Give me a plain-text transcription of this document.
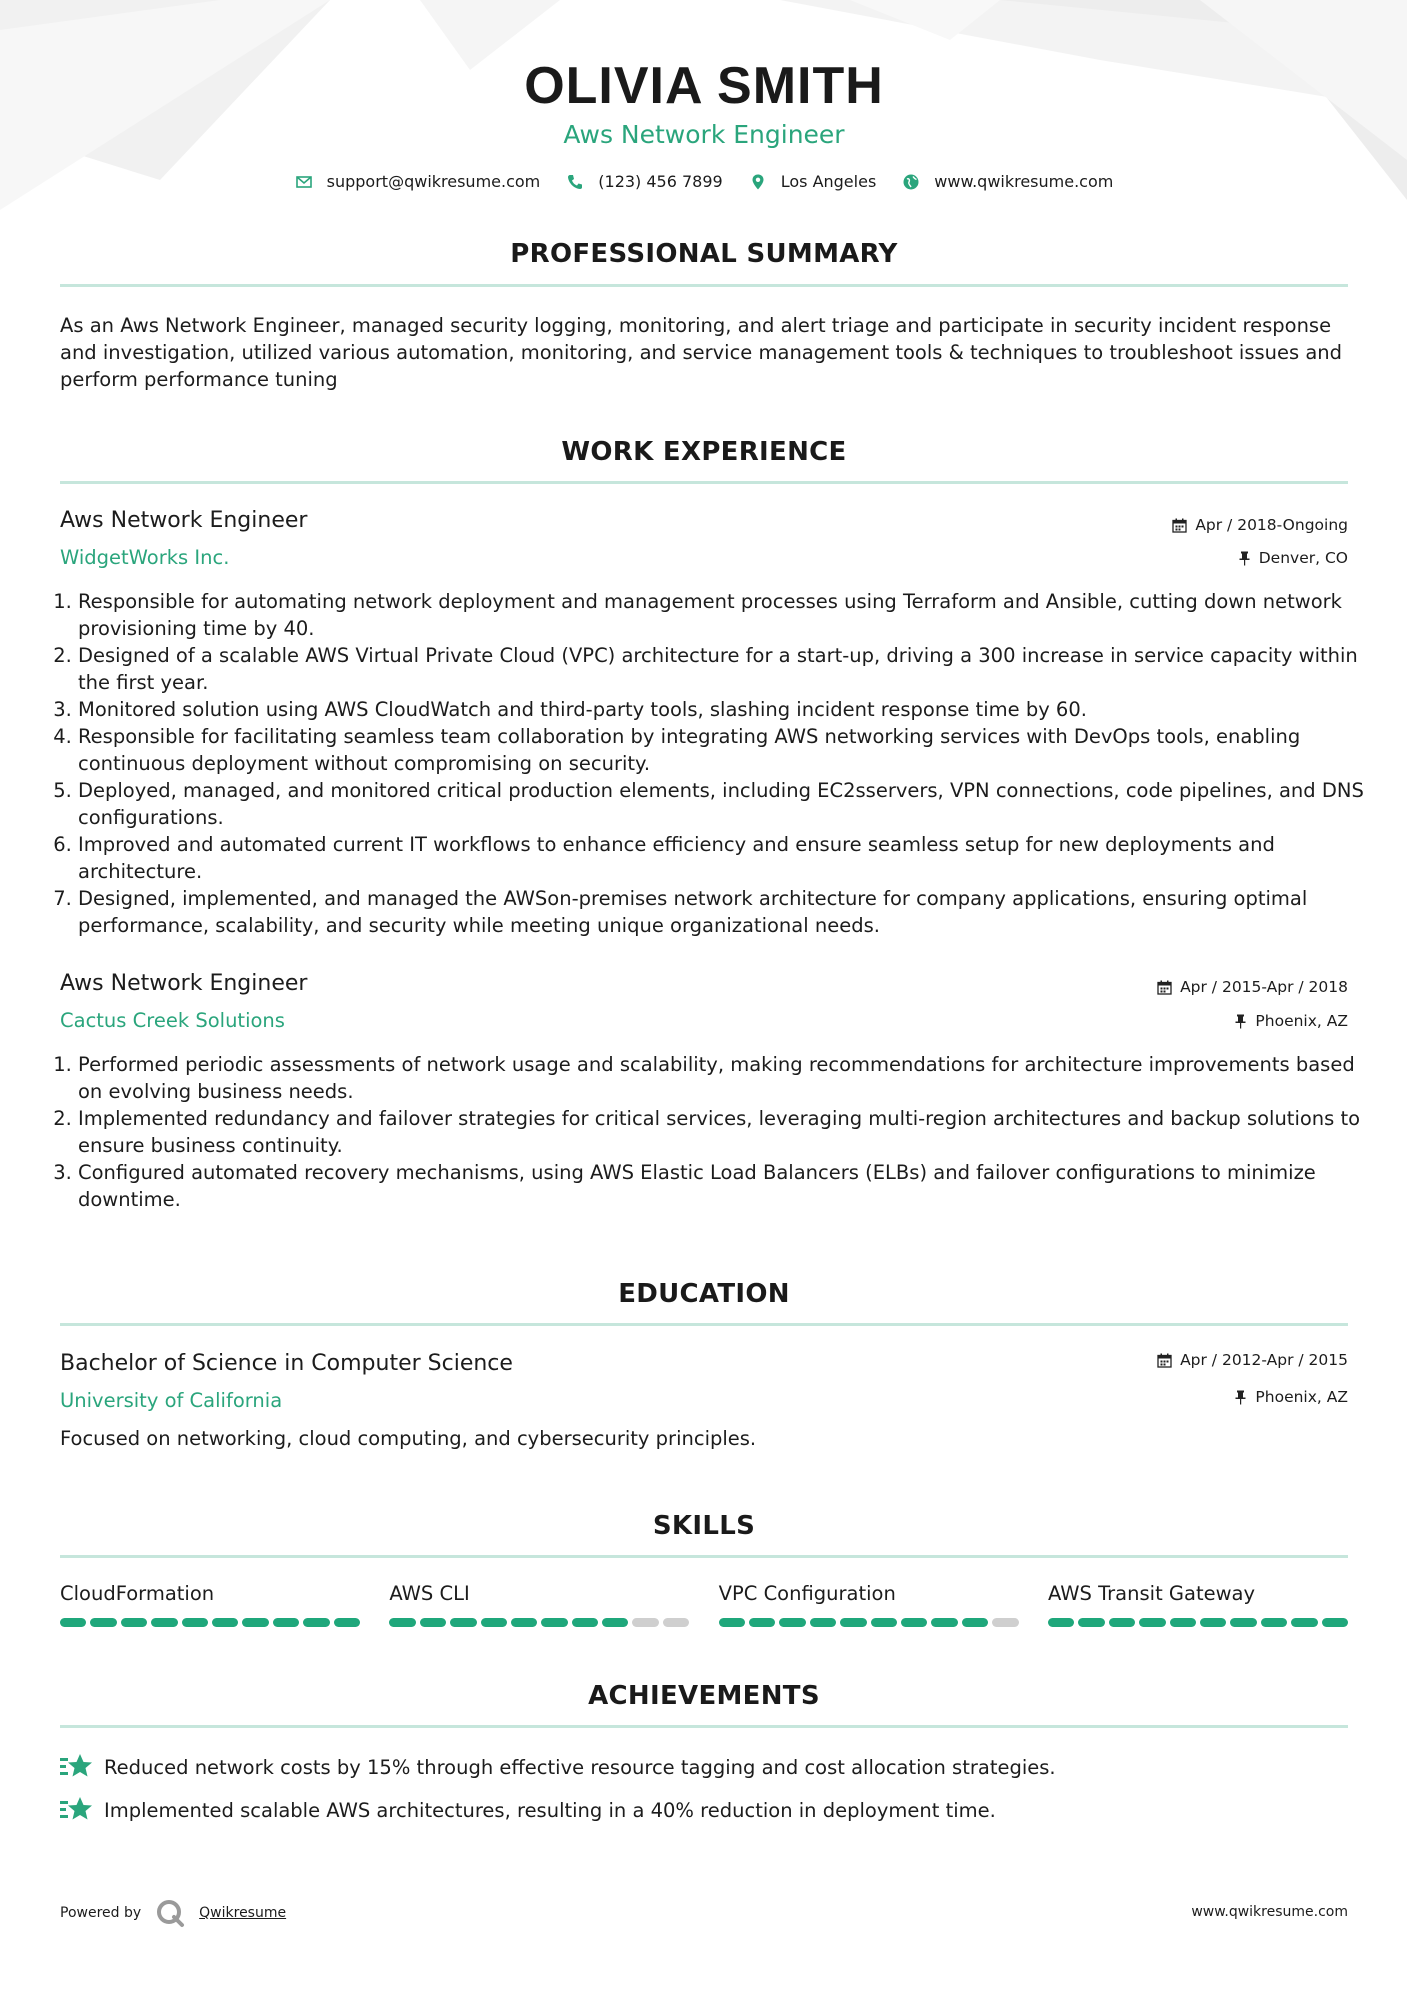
OLIVIA SMITH
Aws Network Engineer
support@qwikresume.com	(123) 456 7899	Los Angeles	www.qwikresume.com
PROFESSIONAL SUMMARY
As an Aws Network Engineer, managed security logging, monitoring, and alert triage and participate in security incident response and investigation, utilized various automation, monitoring, and service management tools & techniques to troubleshoot issues and perform performance tuning
WORK EXPERIENCE
Aws Network Engineer	Apr / 2018-Ongoing
WidgetWorks Inc.	Denver, CO
1. Responsible for automating network deployment and management processes using Terraform and Ansible, cutting down network provisioning time by 40.
2. Designed of a scalable AWS Virtual Private Cloud (VPC) architecture for a start-up, driving a 300 increase in service capacity within the first year.
3. Monitored solution using AWS CloudWatch and third-party tools, slashing incident response time by 60.
4. Responsible for facilitating seamless team collaboration by integrating AWS networking services with DevOps tools, enabling continuous deployment without compromising on security.
5. Deployed, managed, and monitored critical production elements, including EC2sservers, VPN connections, code pipelines, and DNS configurations.
6. Improved and automated current IT workflows to enhance efficiency and ensure seamless setup for new deployments and architecture.
7. Designed, implemented, and managed the AWSon-premises network architecture for company applications, ensuring optimal performance, scalability, and security while meeting unique organizational needs.
Aws Network Engineer	Apr / 2015-Apr / 2018
Cactus Creek Solutions	Phoenix, AZ
1. Performed periodic assessments of network usage and scalability, making recommendations for architecture improvements based on evolving business needs.
2. Implemented redundancy and failover strategies for critical services, leveraging multi-region architectures and backup solutions to ensure business continuity.
3. Configured automated recovery mechanisms, using AWS Elastic Load Balancers (ELBs) and failover configurations to minimize downtime.
EDUCATION
Bachelor of Science in Computer Science	Apr / 2012-Apr / 2015
University of California	Phoenix, AZ
Focused on networking, cloud computing, and cybersecurity principles.
SKILLS
CloudFormation	AWS CLI	VPC Configuration	AWS Transit Gateway
ACHIEVEMENTS
Reduced network costs by 15% through effective resource tagging and cost allocation strategies.
Implemented scalable AWS architectures, resulting in a 40% reduction in deployment time.
Powered by	Qwikresume	www.qwikresume.com
